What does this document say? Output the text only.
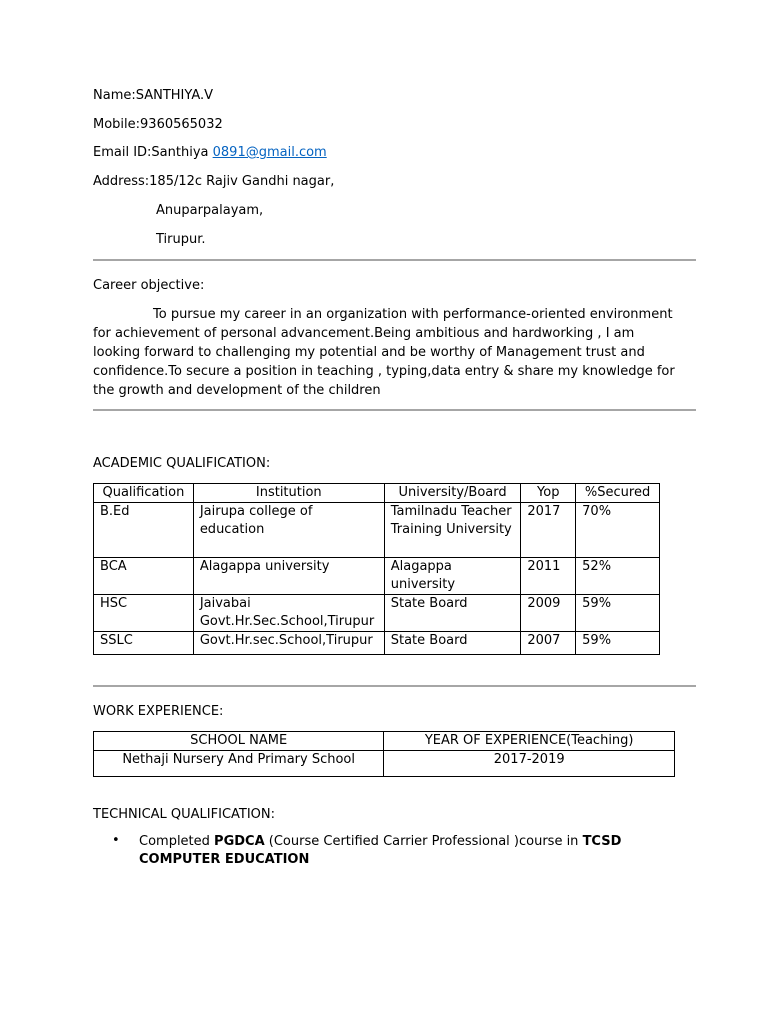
Name:SANTHIYA.V
Mobile:9360565032
Email ID:Santhiya 0891@gmail.com
Address:185/12c Rajiv Gandhi nagar,
Anuparpalayam,
Tirupur.
Career objective:
To pursue my career in an organization with performance-oriented environment for achievement of personal advancement.Being ambitious and hardworking , I am looking forward to challenging my potential and be worthy of Management trust and confidence.To secure a position in teaching , typing,data entry & share my knowledge for the growth and development of the children
ACADEMIC QUALIFICATION:
Qualification	Institution	University/Board	Yop	%Secured
B.Ed	Jairupa college of education	Tamilnadu Teacher Training University	2017	70%
BCA	Alagappa university	Alagappa university	2011	52%
HSC	Jaivabai Govt.Hr.Sec.School,Tirupur	State Board	2009	59%
SSLC	Govt.Hr.sec.School,Tirupur	State Board	2007	59%
WORK EXPERIENCE:
SCHOOL NAME	YEAR OF EXPERIENCE(Teaching)
Nethaji Nursery And Primary School	2017-2019
TECHNICAL QUALIFICATION:
• Completed PGDCA (Course Certified Carrier Professional )course in TCSD COMPUTER EDUCATION
